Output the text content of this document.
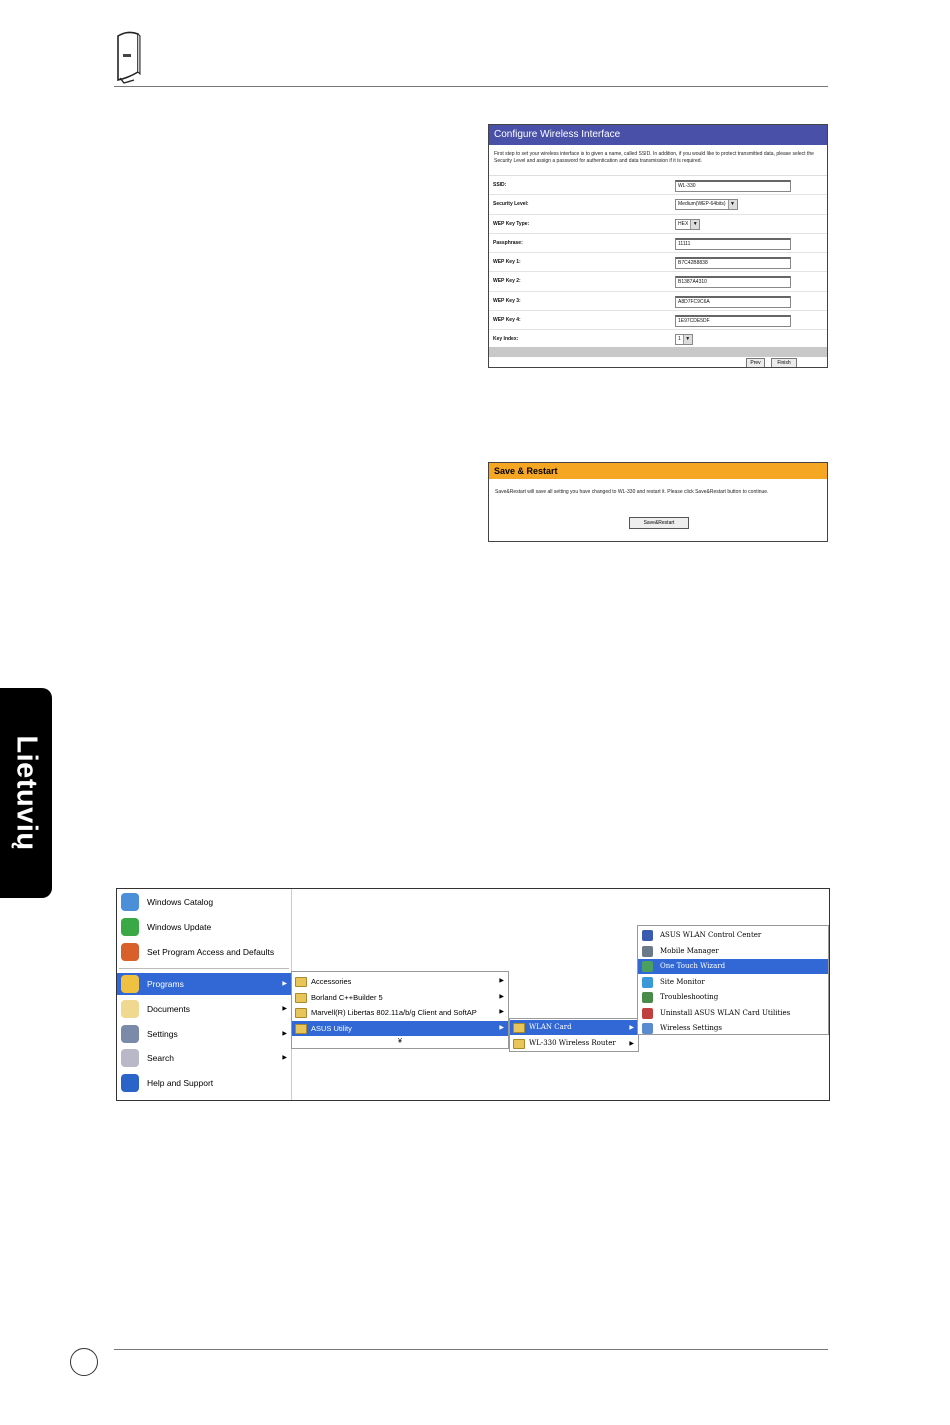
Lietuvių
Configure Wireless Interface
First step to set your wireless interface is to given a name, called SSID. In addition, if you would like to protect transmitted data, please select the Security Level and assign a password for authentication and data transmission if it is required.
SSID:	WL-330
Security Level:	Medium(WEP-64bits) ▼
WEP Key Type:	HEX ▼
Passphrase:	11111
WEP Key 1:	B7C42B8838
WEP Key 2:	B1387A4310
WEP Key 3:	A8D7FC9C6A
WEP Key 4:	1E97CDE5DF
Key Index:	1 ▼
Prev	Finish
Save & Restart
Save&Restart will save all setting you have changed to WL-330 and restart it. Please click Save&Restart button to continue.
Save&Restart
Windows Catalog
Windows Update
Set Program Access and Defaults
Programs	▶
Documents	▶
Settings	▶
Search	▶
Help and Support
Accessories	▶
Borland C++Builder 5	▶
Marvell(R) Libertas 802.11a/b/g Client and SoftAP	▶
ASUS Utility	▶
¥
WLAN Card	▶
WL-330 Wireless Router ▶
ASUS WLAN Control Center
Mobile Manager
One Touch Wizard
Site Monitor
Troubleshooting
Uninstall ASUS WLAN Card Utilities
Wireless Settings
